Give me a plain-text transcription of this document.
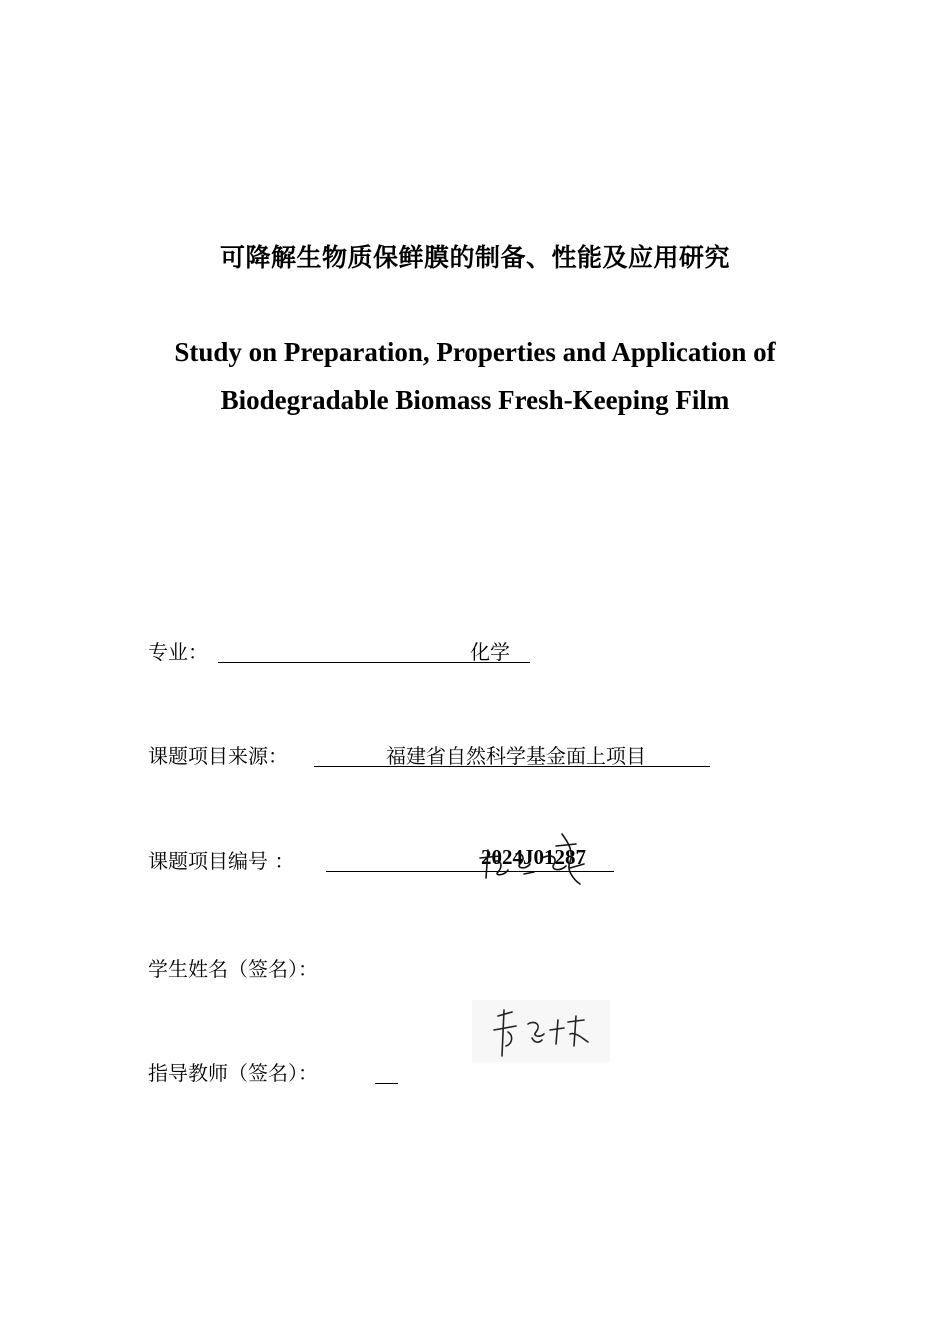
可降解生物质保鲜膜的制备、性能及应用研究
Study on Preparation, Properties and Application of
Biodegradable Biomass Fresh-Keeping Film
专业：	化学
课题项目来源：	福建省自然科学基金面上项目
课题项目编号 ：	2024J01287
学生姓名（签名）：
指导教师（签名）：
